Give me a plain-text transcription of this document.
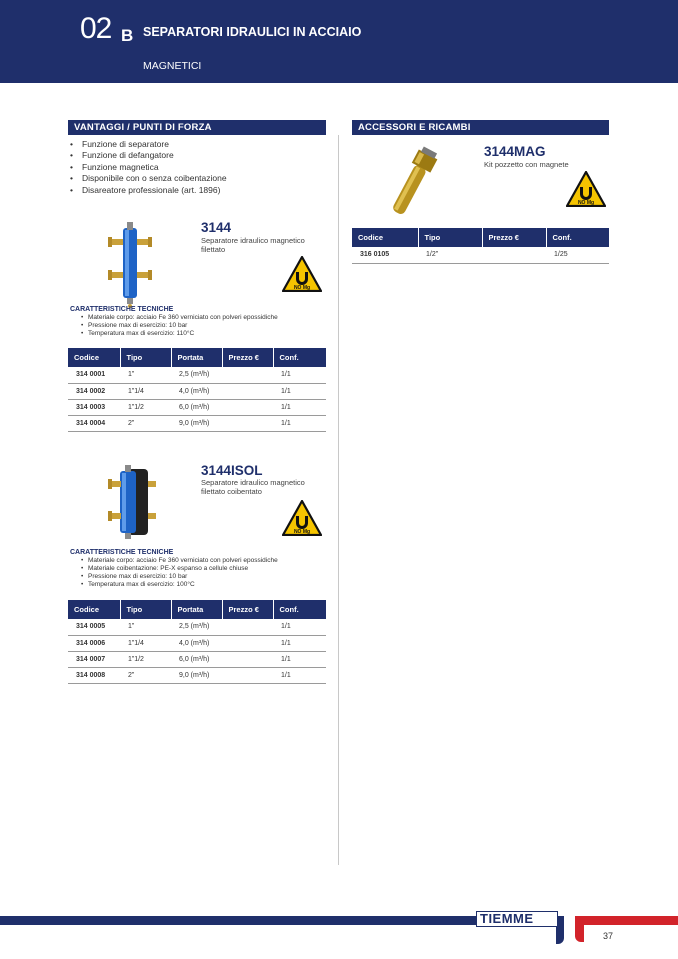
02 B SEPARATORI IDRAULICI IN ACCIAIO
MAGNETICI
VANTAGGI / PUNTI DI FORZA
• Funzione di separatore
• Funzione di defangatore
• Funzione magnetica
• Disponibile con o senza coibentazione
• Disareatore professionale (art. 1896)
3144
Separatore idraulico magnetico
filettato
NO Mg
CARATTERISTICHE TECNICHE
• Materiale corpo: acciaio Fe 360 verniciato con polveri epossidiche
• Pressione max di esercizio: 10 bar
• Temperatura max di esercizio: 110°C
Codice	Tipo	Portata	Prezzo €	Conf.
314 0001	1”	2,5 (m³/h)		1/1
314 0002	1”1/4	4,0 (m³/h)		1/1
314 0003	1”1/2	6,0 (m³/h)		1/1
314 0004	2”	9,0 (m³/h)		1/1
3144ISOL
Separatore idraulico magnetico
filettato coibentato
NO Mg
CARATTERISTICHE TECNICHE
• Materiale corpo: acciaio Fe 360 verniciato con polveri epossidiche
• Materiale coibentazione: PE-X espanso a cellule chiuse
• Pressione max di esercizio: 10 bar
• Temperatura max di esercizio: 100°C
Codice	Tipo	Portata	Prezzo €	Conf.
314 0005	1”	2,5 (m³/h)		1/1
314 0006	1”1/4	4,0 (m³/h)		1/1
314 0007	1”1/2	6,0 (m³/h)		1/1
314 0008	2”	9,0 (m³/h)		1/1
ACCESSORI E RICAMBI
3144MAG
Kit pozzetto con magnete
NO Mg
Codice	Tipo	Prezzo €	Conf.
316 0105	1/2”		1/25
TIEMME
37
